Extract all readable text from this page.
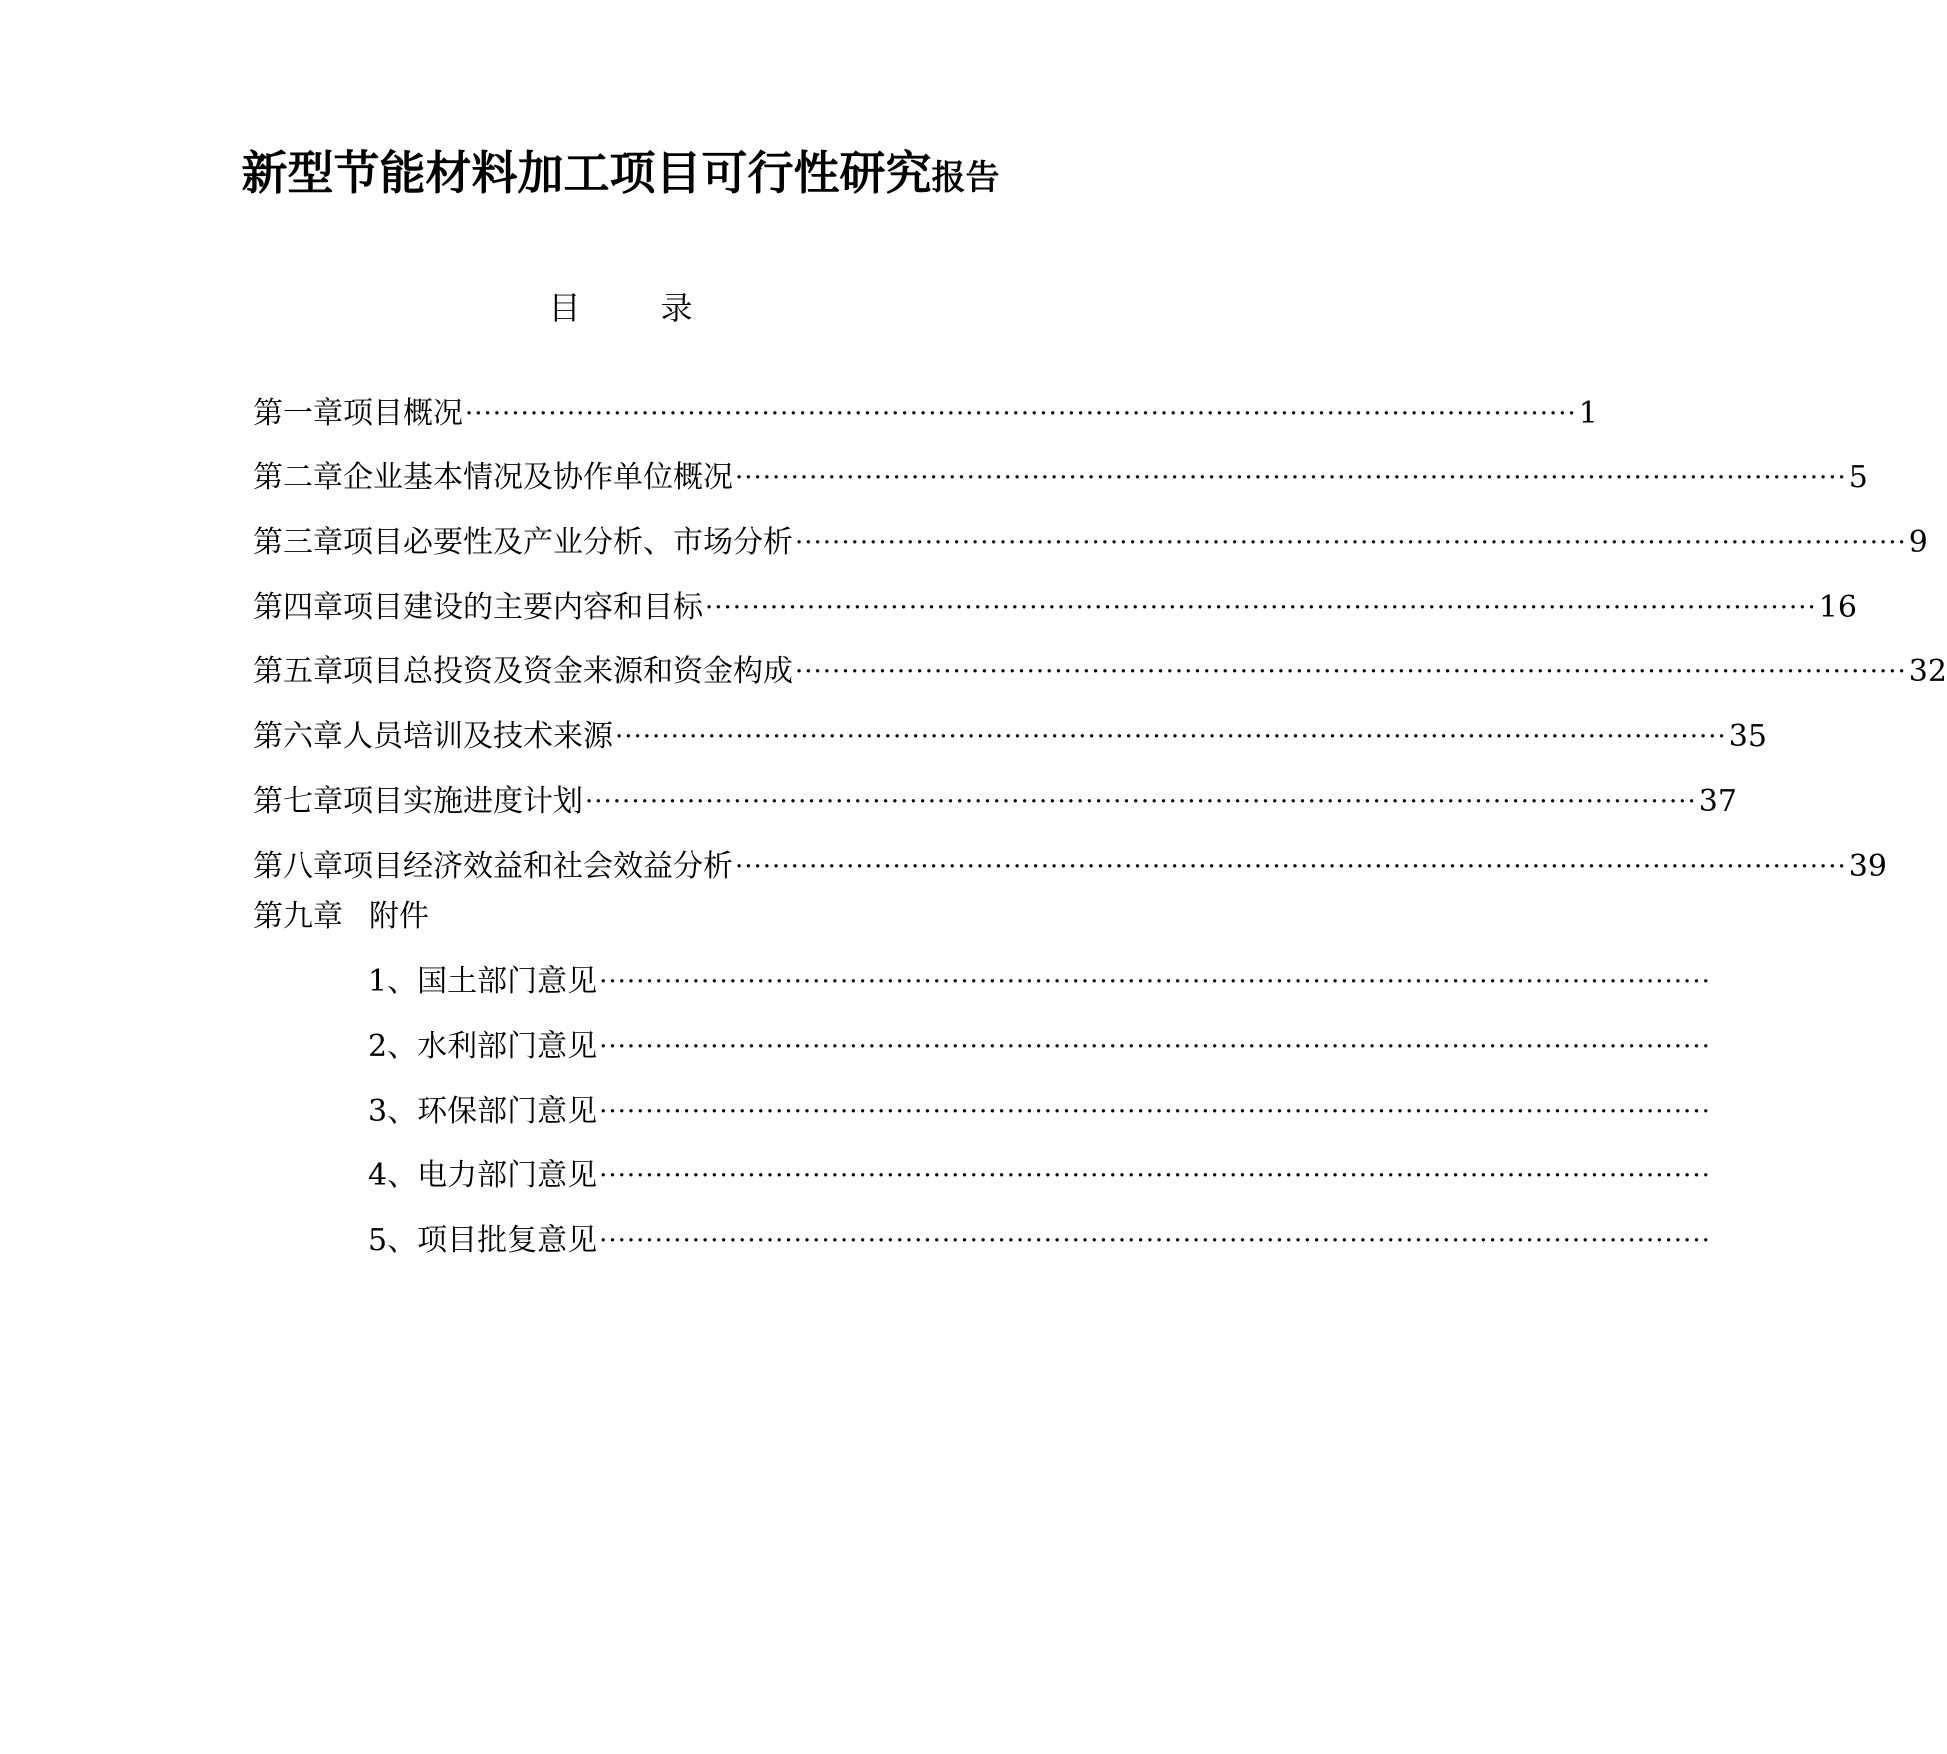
新型节能材料加工项目可行性研究报告
目	录
第一章 项目概况 ························································································································ 1
第二章 企业基本情况及协作单位概况 ························································································································ 5
第三章 项目必要性及产业分析、市场分析 ························································································································ 9
第四章 项目建设的主要内容和目标 ························································································································ 16
第五章 项目总投资及资金来源和资金构成 ························································································································ 32
第六章 人员培训及技术来源 ························································································································ 35
第七章 项目实施进度计划 ························································································································ 37
第八章 项目经济效益和社会效益分析 ························································································································ 39
第九章 附件
1、国土部门意见 ························································································································
2、水利部门意见 ························································································································
3、环保部门意见 ························································································································
4、电力部门意见 ························································································································
5、项目批复意见 ························································································································
